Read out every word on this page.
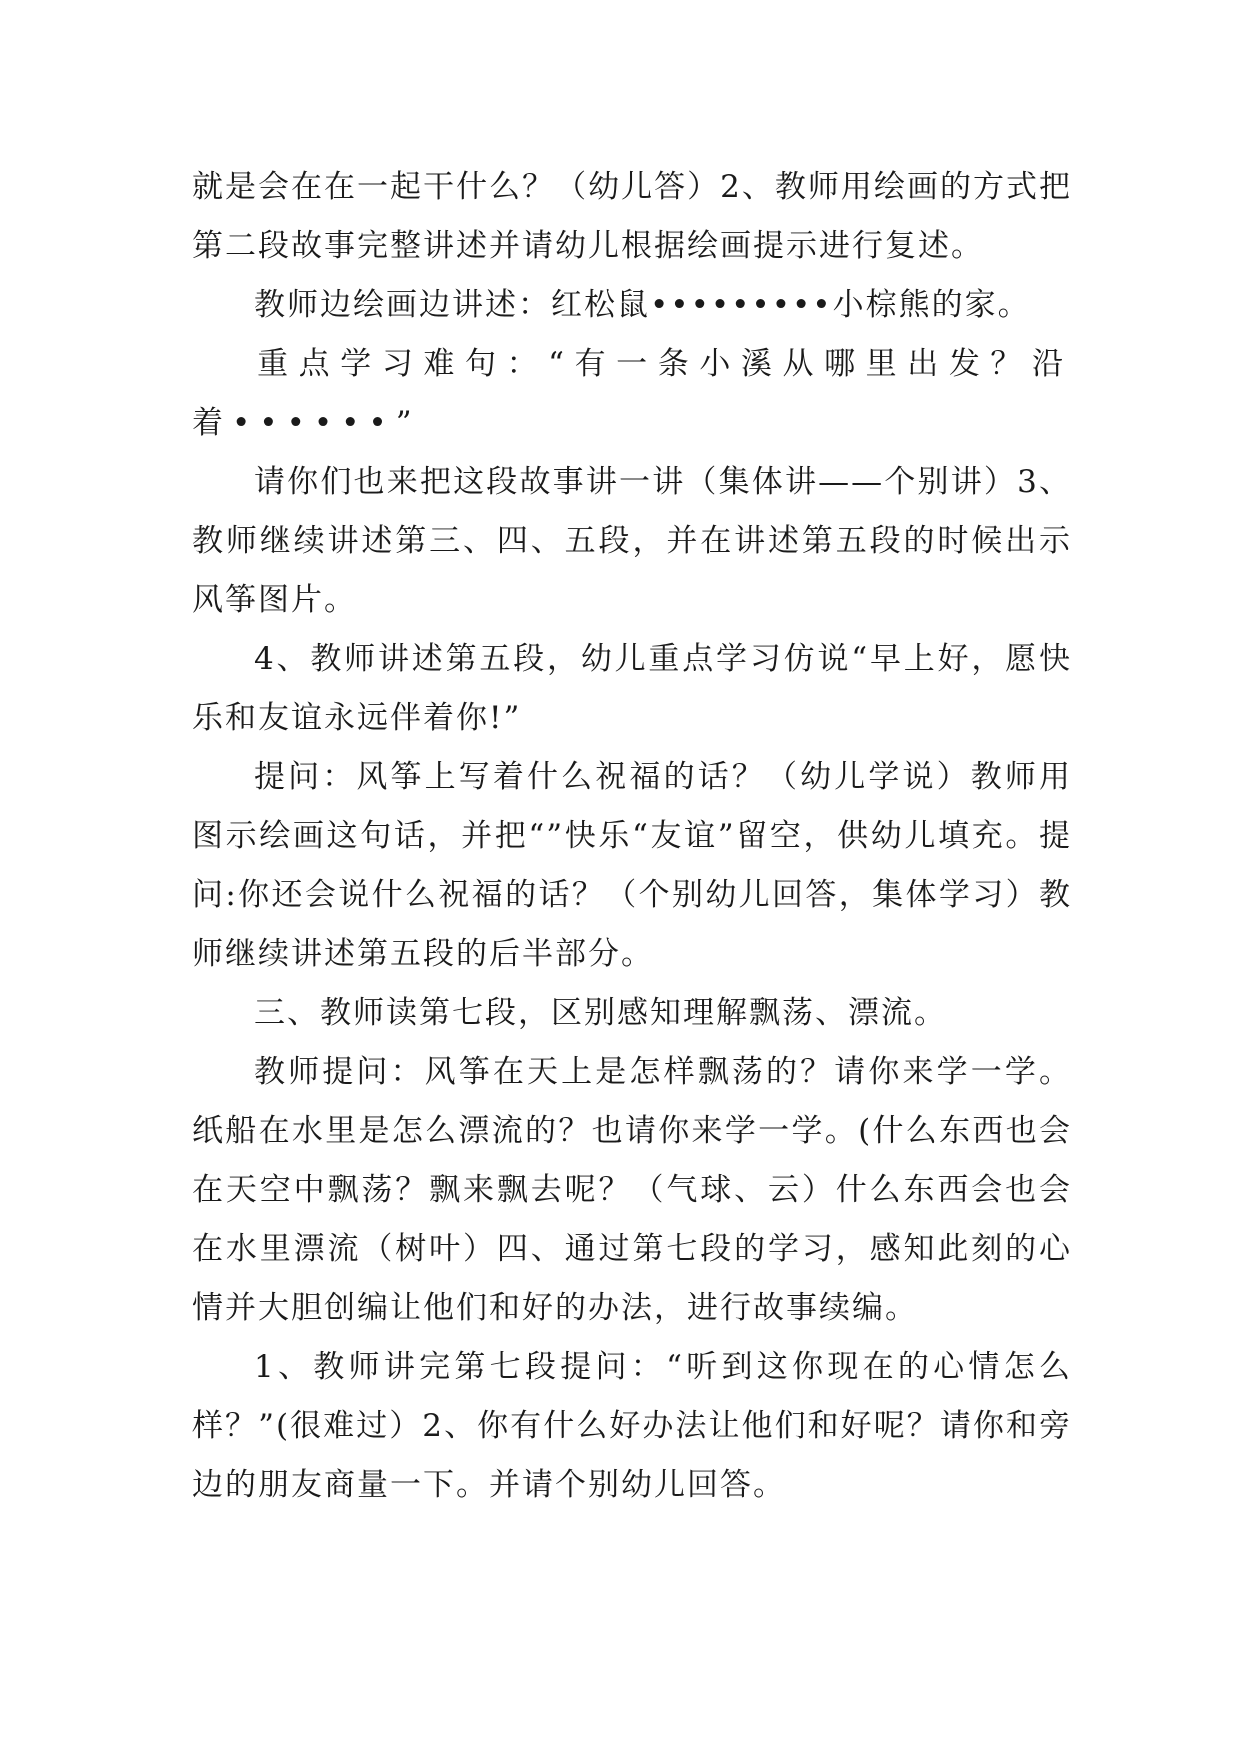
就是会在在一起干什么？（幼儿答）2、教师用绘画的方式把第二段故事完整讲述并请幼儿根据绘画提示进行复述。

教师边绘画边讲述：红松鼠•••••••••小棕熊的家。

重点学习难句：“有一条小溪从哪里出发？沿着••••••”

请你们也来把这段故事讲一讲（集体讲——个别讲）3、教师继续讲述第三、四、五段，并在讲述第五段的时候出示风筝图片。

4、教师讲述第五段，幼儿重点学习仿说“早上好，愿快乐和友谊永远伴着你!”

提问：风筝上写着什么祝福的话？（幼儿学说）教师用图示绘画这句话，并把“”快乐“友谊”留空，供幼儿填充。提问:你还会说什么祝福的话？（个别幼儿回答，集体学习）教师继续讲述第五段的后半部分。

三、教师读第七段，区别感知理解飘荡、漂流。

教师提问：风筝在天上是怎样飘荡的？请你来学一学。纸船在水里是怎么漂流的？也请你来学一学。(什么东西也会在天空中飘荡？飘来飘去呢？（气球、云）什么东西会也会在水里漂流（树叶）四、通过第七段的学习，感知此刻的心情并大胆创编让他们和好的办法，进行故事续编。

1、教师讲完第七段提问：“听到这你现在的心情怎么样？”(很难过）2、你有什么好办法让他们和好呢？请你和旁边的朋友商量一下。并请个别幼儿回答。
